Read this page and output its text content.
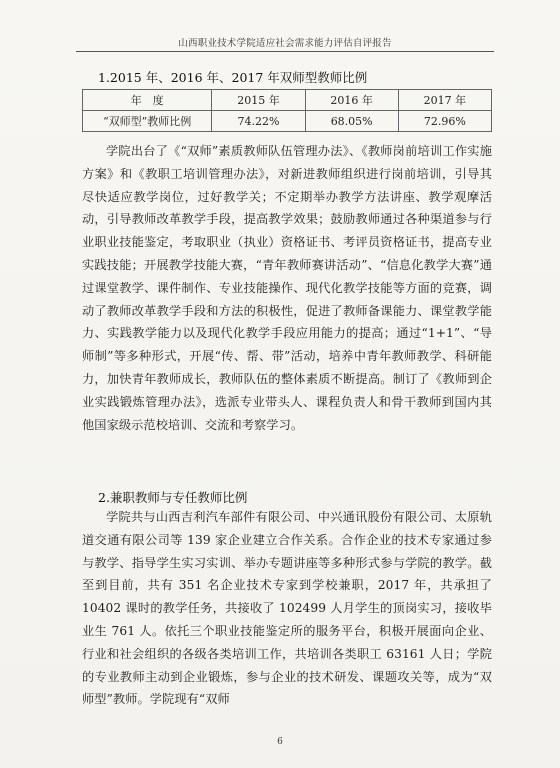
山西职业技术学院适应社会需求能力评估自评报告
1.2015 年、2016 年、2017 年双师型教师比例
年　度	2015 年	2016 年	2017 年
“双师型”教师比例	74.22%	68.05%	72.96%

学院出台了《“双师”素质教师队伍管理办法》、《教师岗前培训工作实施方案》和《教职工培训管理办法》，对新进教师组织进行岗前培训，引导其尽快适应教学岗位，过好教学关；不定期举办教学方法讲座、教学观摩活动，引导教师改革教学手段，提高教学效果；鼓励教师通过各种渠道参与行业职业技能鉴定，考取职业（执业）资格证书、考评员资格证书，提高专业实践技能；开展教学技能大赛，“青年教师赛讲活动”、“信息化教学大赛”通过课堂教学、课件制作、专业技能操作、现代化教学技能等方面的竞赛，调动了教师改革教学手段和方法的积极性，促进了教师备课能力、课堂教学能力、实践教学能力以及现代化教学手段应用能力的提高；通过“1+1”、“导师制”等多种形式，开展“传、帮、带”活动，培养中青年教师教学、科研能力，加快青年教师成长，教师队伍的整体素质不断提高。制订了《教师到企业实践锻炼管理办法》，选派专业带头人、课程负责人和骨干教师到国内其他国家级示范校培训、交流和考察学习。

2.兼职教师与专任教师比例

学院共与山西吉利汽车部件有限公司、中兴通讯股份有限公司、太原轨道交通有限公司等 139 家企业建立合作关系。合作企业的技术专家通过参与教学、指导学生实习实训、举办专题讲座等多种形式参与学院的教学。截至到目前，共有 351 名企业技术专家到学校兼职，2017 年，共承担了 10402 课时的教学任务，共接收了 102499 人月学生的顶岗实习，接收毕业生 761 人。依托三个职业技能鉴定所的服务平台，积极开展面向企业、行业和社会组织的各级各类培训工作，共培训各类职工 63161 人日；学院的专业教师主动到企业锻炼，参与企业的技术研发、课题攻关等，成为“双师型”教师。学院现有“双师

6
